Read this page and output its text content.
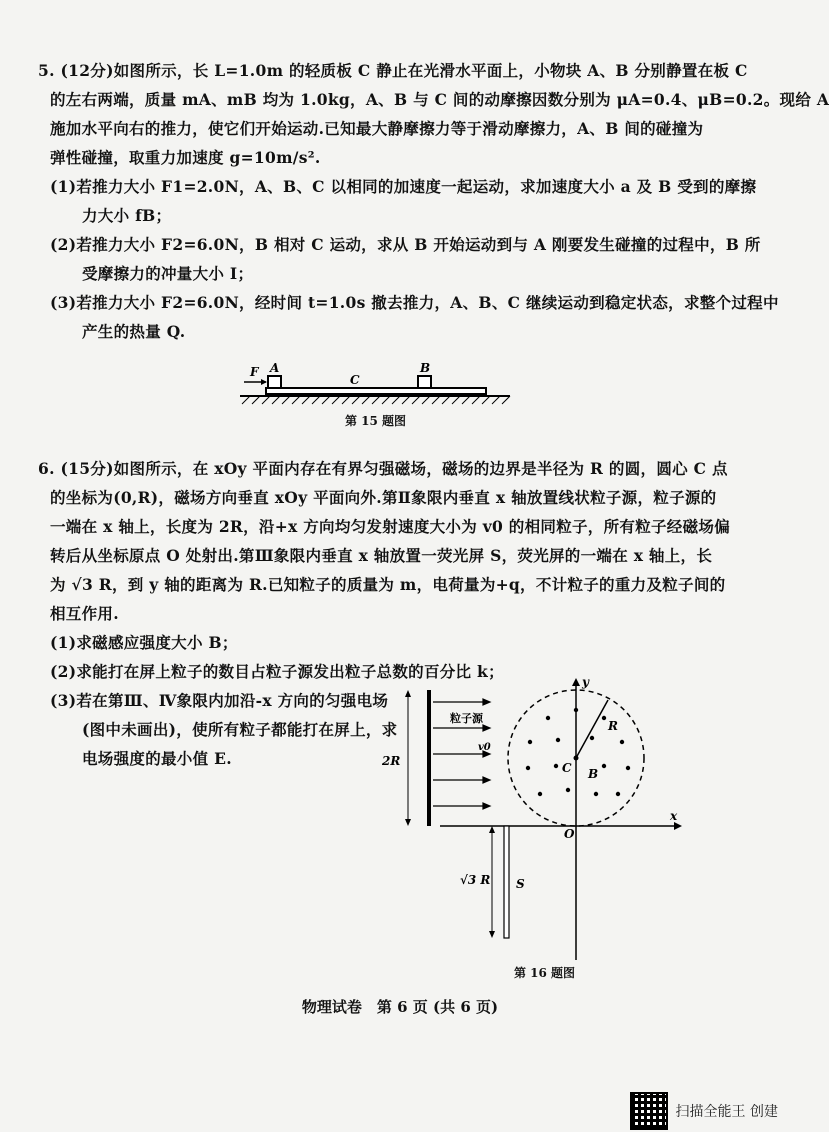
5. (12分)如图所示，长 L=1.0m 的轻质板 C 静止在光滑水平面上，小物块 A、B 分别静置在板 C
的左右两端，质量 mA、mB 均为 1.0kg，A、B 与 C 间的动摩擦因数分别为 μA=0.4、μB=0.2。现给 A
施加水平向右的推力，使它们开始运动.已知最大静摩擦力等于滑动摩擦力，A、B 间的碰撞为
弹性碰撞，取重力加速度 g=10m/s².
(1)若推力大小 F1=2.0N，A、B、C 以相同的加速度一起运动，求加速度大小 a 及 B 受到的摩擦
力大小 fB；
(2)若推力大小 F2=6.0N，B 相对 C 运动，求从 B 开始运动到与 A 刚要发生碰撞的过程中，B 所
受摩擦力的冲量大小 I；
(3)若推力大小 F2=6.0N，经时间 t=1.0s 撤去推力，A、B、C 继续运动到稳定状态，求整个过程中
产生的热量 Q.
F A	B
C
第 15 题图
6. (15分)如图所示，在 xOy 平面内存在有界匀强磁场，磁场的边界是半径为 R 的圆，圆心 C 点
的坐标为(0,R)，磁场方向垂直 xOy 平面向外.第Ⅱ象限内垂直 x 轴放置线状粒子源，粒子源的
一端在 x 轴上，长度为 2R，沿+x 方向均匀发射速度大小为 v0 的相同粒子，所有粒子经磁场偏
转后从坐标原点 O 处射出.第Ⅲ象限内垂直 x 轴放置一荧光屏 S，荧光屏的一端在 x 轴上，长
为 √3 R，到 y 轴的距离为 R.已知粒子的质量为 m，电荷量为+q，不计粒子的重力及粒子间的
相互作用.
(1)求磁感应强度大小 B；
(2)求能打在屏上粒子的数目占粒子源发出粒子总数的百分比 k；
(3)若在第Ⅲ、Ⅳ象限内加沿-x 方向的匀强电场
(图中未画出)，使所有粒子都能打在屏上，求
电场强度的最小值 E.
x
y
O
R
C B
2R
粒子源
v0
√3 R S
第 16 题图
物理试卷　第 6 页 (共 6 页)
扫描全能王 创建
